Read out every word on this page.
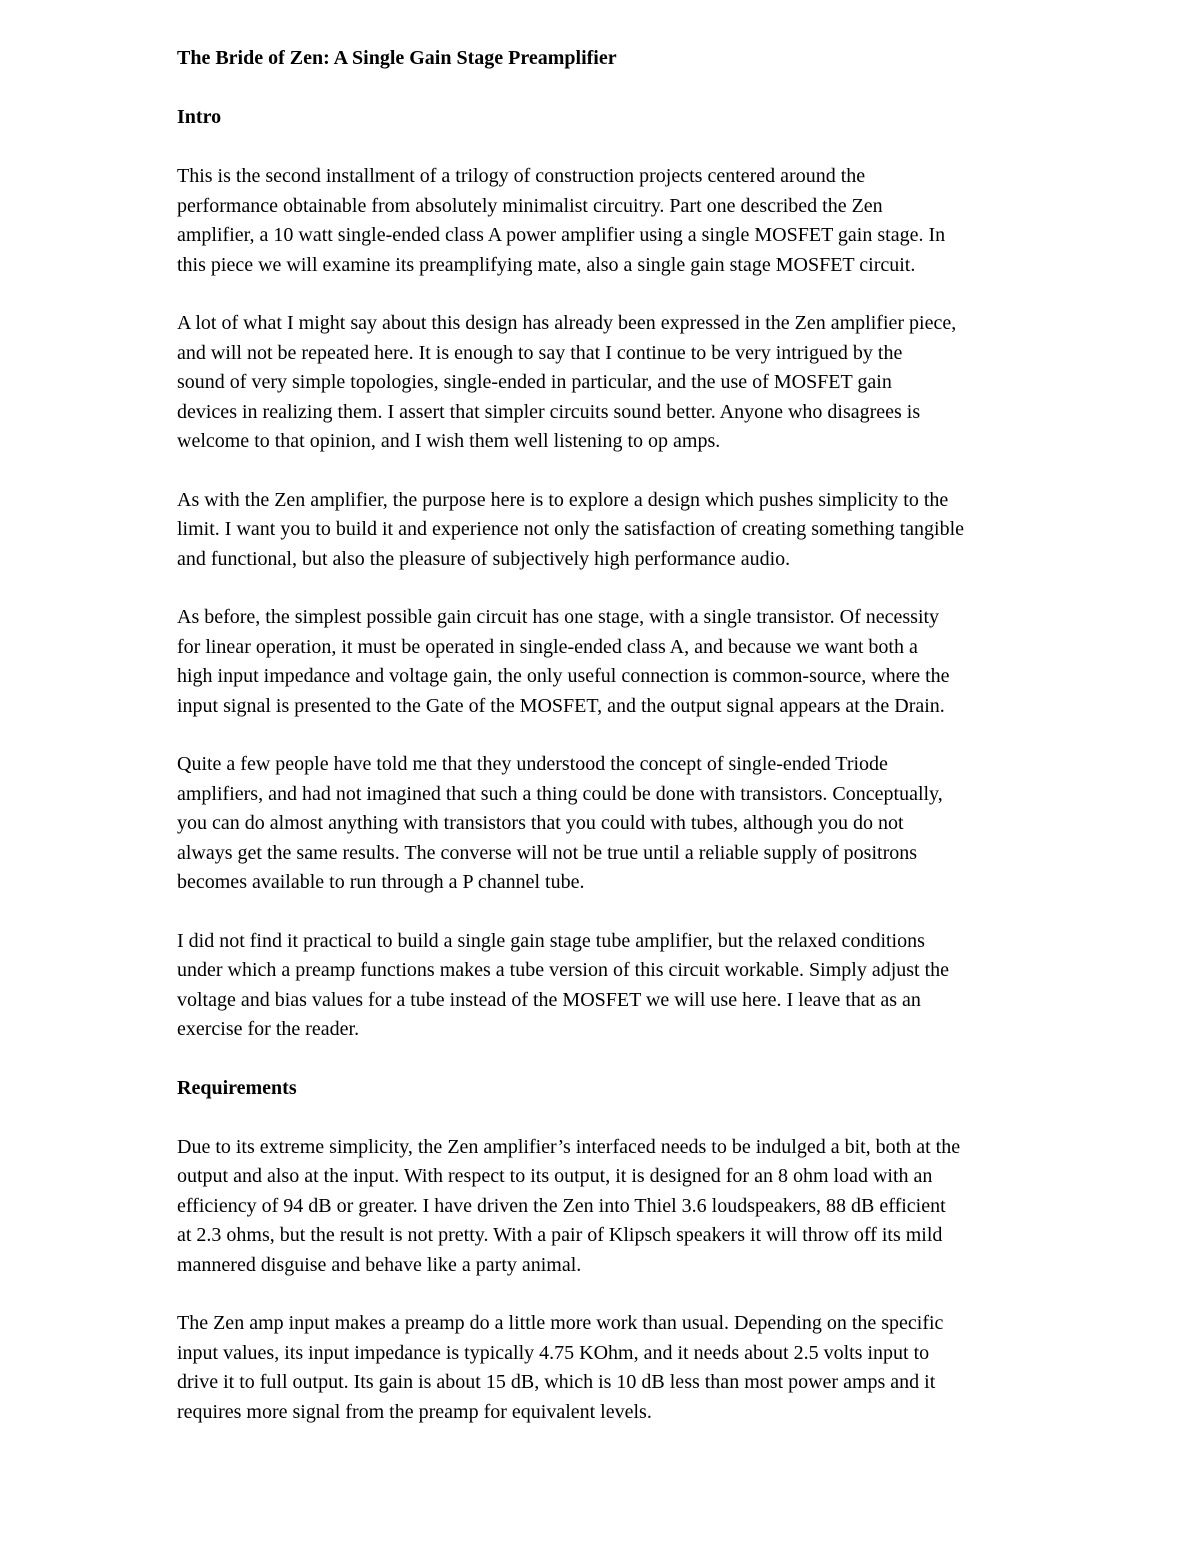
The Bride of Zen: A Single Gain Stage Preamplifier
Intro
This is the second installment of a trilogy of construction projects centered around the
performance obtainable from absolutely minimalist circuitry. Part one described the Zen
amplifier, a 10 watt single-ended class A power amplifier using a single MOSFET gain stage. In
this piece we will examine its preamplifying mate, also a single gain stage MOSFET circuit.
A lot of what I might say about this design has already been expressed in the Zen amplifier piece,
and will not be repeated here. It is enough to say that I continue to be very intrigued by the
sound of very simple topologies, single-ended in particular, and the use of MOSFET gain
devices in realizing them. I assert that simpler circuits sound better. Anyone who disagrees is
welcome to that opinion, and I wish them well listening to op amps.
As with the Zen amplifier, the purpose here is to explore a design which pushes simplicity to the
limit. I want you to build it and experience not only the satisfaction of creating something tangible
and functional, but also the pleasure of subjectively high performance audio.
As before, the simplest possible gain circuit has one stage, with a single transistor. Of necessity
for linear operation, it must be operated in single-ended class A, and because we want both a
high input impedance and voltage gain, the only useful connection is common-source, where the
input signal is presented to the Gate of the MOSFET, and the output signal appears at the Drain.
Quite a few people have told me that they understood the concept of single-ended Triode
amplifiers, and had not imagined that such a thing could be done with transistors. Conceptually,
you can do almost anything with transistors that you could with tubes, although you do not
always get the same results. The converse will not be true until a reliable supply of positrons
becomes available to run through a P channel tube.
I did not find it practical to build a single gain stage tube amplifier, but the relaxed conditions
under which a preamp functions makes a tube version of this circuit workable. Simply adjust the
voltage and bias values for a tube instead of the MOSFET we will use here. I leave that as an
exercise for the reader.
Requirements
Due to its extreme simplicity, the Zen amplifier’s interfaced needs to be indulged a bit, both at the
output and also at the input. With respect to its output, it is designed for an 8 ohm load with an
efficiency of 94 dB or greater. I have driven the Zen into Thiel 3.6 loudspeakers, 88 dB efficient
at 2.3 ohms, but the result is not pretty. With a pair of Klipsch speakers it will throw off its mild
mannered disguise and behave like a party animal.
The Zen amp input makes a preamp do a little more work than usual. Depending on the specific
input values, its input impedance is typically 4.75 KOhm, and it needs about 2.5 volts input to
drive it to full output. Its gain is about 15 dB, which is 10 dB less than most power amps and it
requires more signal from the preamp for equivalent levels.
